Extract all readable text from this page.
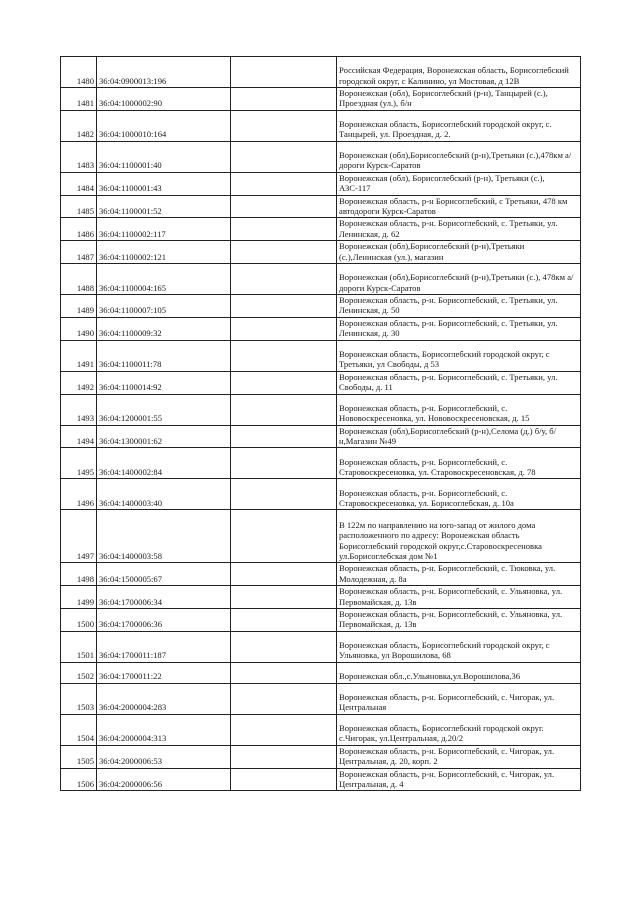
1480	36:04:0900013:196		Российская Федерация, Воронежская область, Борисоглебский городской округ, с Калинино, ул Мостовая, д 12В
1481	36:04:1000002:90		Воронежская (обл), Борисоглебский (р-н), Танцырей (с.), Проездная (ул.), б/н
1482	36:04:1000010:164		Воронежская область, Борисоглебский городской округ, с. Танцырей, ул. Проездная, д. 2.
1483	36:04:1100001:40		Воронежская (обл),Борисоглебский (р-н),Третьяки (с.),478км а/дороги Курск-Саратов
1484	36:04:1100001:43		Воронежская (обл), Борисоглебский (р-н), Третьяки (с.), АЗС-117
1485	36:04:1100001:52		Воронежская область, р-н Борисоглебский, с Третьяки, 478 км автодороги Курск-Саратов
1486	36:04:1100002:117		Воронежская область, р-н. Борисоглебский, с. Третьяки, ул. Ленинская, д. 62
1487	36:04:1100002:121		Воронежская (обл),Борисоглебский (р-н),Третьяки (с.),Ленинская (ул.), магазин
1488	36:04:1100004:165		Воронежская (обл),Борисоглебский (р-н),Третьяки (с.), 478км а/дороги Курск-Саратов
1489	36:04:1100007:105		Воронежская область, р-н. Борисоглебский, с. Третьяки, ул. Ленинская, д. 50
1490	36:04:1100009:32		Воронежская область, р-н. Борисоглебский, с. Третьяки, ул. Ленинская, д. 30
1491	36:04:1100011:78		Воронежская область, Борисоглебский городской округ, с Третьяки, ул Свободы, д 53
1492	36:04:1100014:92		Воронежская область, р-н. Борисоглебский, с. Третьяки, ул. Свободы, д. 11
1493	36:04:1200001:55		Воронежская область, р-н. Борисоглебский, с. Нововоскресеновка, ул. Нововоскресеновская, д. 15
1494	36:04:1300001:62		Воронежская (обл),Борисоглебский (р-н),Селома (д.) б/у, б/н,Магазин №49
1495	36:04:1400002:84		Воронежская область, р-н. Борисоглебский, с. Старовоскресеновка, ул. Старовоскресеновская, д. 78
1496	36:04:1400003:40		Воронежская область, р-н. Борисоглебский, с. Старовоскресеновка, ул. Борисоглебская, д. 10а
1497	36:04:1400003:58		В 122м по направлению на юго-запад от жилого дома расположенного по адресу: Воронежская область Борисоглебский городской округ,с.Старовоскресеновка ул.Борисоглебская дом №1
1498	36:04:1500005:67		Воронежская область, р-н. Борисоглебский, с. Тюковка, ул. Молодежная, д. 8а
1499	36:04:1700006:34		Воронежская область, р-н. Борисоглебский, с. Ульяновка, ул. Первомайская, д. 13в
1500	36:04:1700006:36		Воронежская область, р-н. Борисоглебский, с. Ульяновка, ул. Первомайская, д. 13в
1501	36:04:1700011:187		Воронежская область, Борисоглебский городской округ, с Ульяновка, ул Ворошилова, 68
1502	36:04:1700011:22		Воронежская обл.,с.Ульяновка,ул.Ворошилова,36
1503	36:04:2000004:283		Воронежская область, р-н. Борисоглебский, с. Чигорак, ул. Центральная
1504	36:04:2000004:313		Воронежская область, Борисоглебский городской округ. с.Чигорак, ул.Центральная, д.20/2
1505	36:04:2000006:53		Воронежская область, р-н. Борисоглебский, с. Чигорак, ул. Центральная, д. 20, корп. 2
1506	36:04:2000006:56		Воронежская область, р-н. Борисоглебский, с. Чигорак, ул. Центральная, д. 4
